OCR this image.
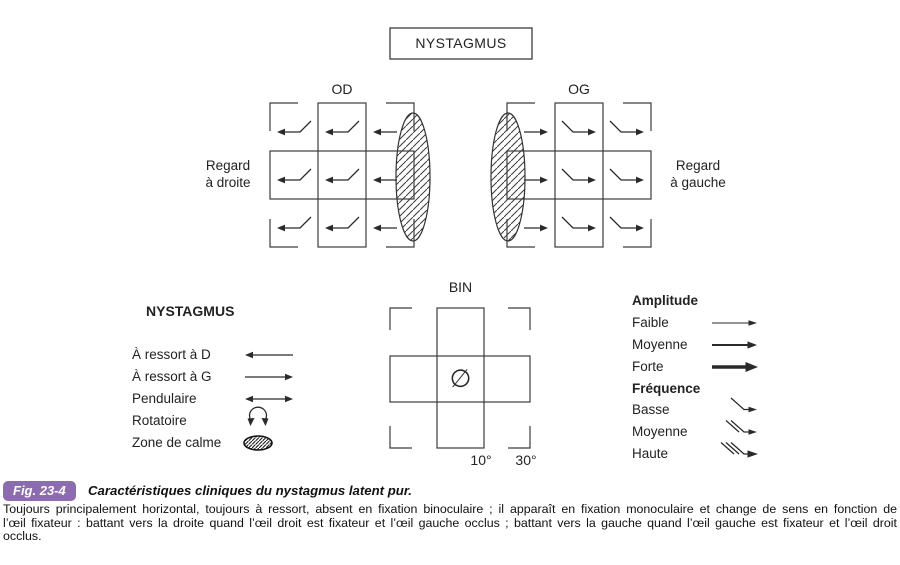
NYSTAGMUS
OD	OG
Regard
à droite
Regard
à gauche
BIN
∅
10°	30°
NYSTAGMUS
À ressort à D
À ressort à G
Pendulaire
Rotatoire
Zone de calme
Amplitude
Faible
Moyenne
Forte
Fréquence
Basse
Moyenne
Haute
Fig. 23-4	Caractéristiques cliniques du nystagmus latent pur.
Toujours principalement horizontal, toujours à ressort, absent en fixation binoculaire ; il apparaît en fixation monoculaire et change de sens en fonction de
l’œil fixateur : battant vers la droite quand l’œil droit est fixateur et l’œil gauche occlus ; battant vers la gauche quand l’œil gauche est fixateur et l’œil droit
occlus.
